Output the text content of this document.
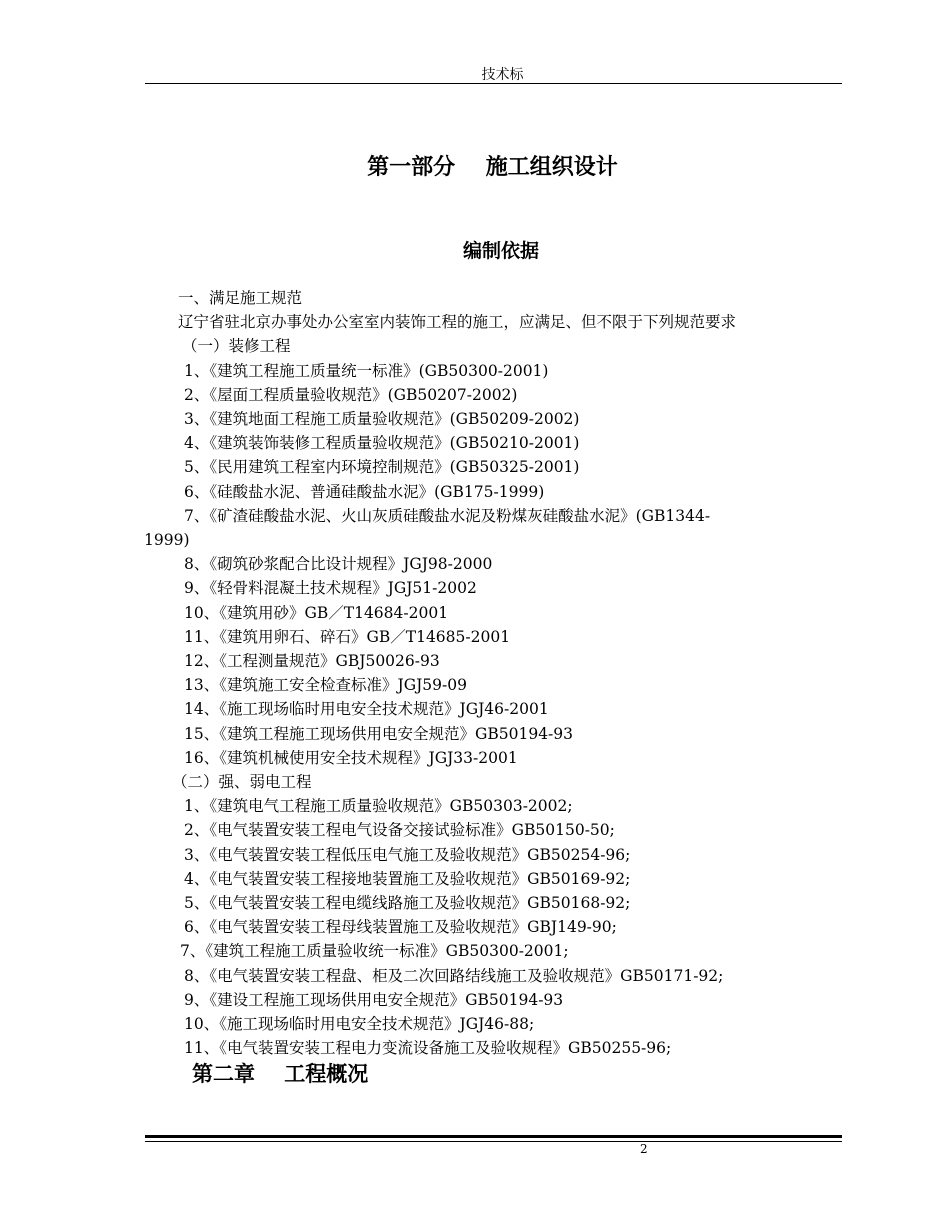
技术标
第一部分    施工组织设计
编制依据
一、满足施工规范
辽宁省驻北京办事处办公室室内装饰工程的施工，应满足、但不限于下列规范要求
（一）装修工程
1、《建筑工程施工质量统一标准》(GB50300-2001)
2、《屋面工程质量验收规范》(GB50207-2002)
3、《建筑地面工程施工质量验收规范》(GB50209-2002)
4、《建筑装饰装修工程质量验收规范》(GB50210-2001)
5、《民用建筑工程室内环境控制规范》(GB50325-2001)
6、《硅酸盐水泥、普通硅酸盐水泥》(GB175-1999)
7、《矿渣硅酸盐水泥、火山灰质硅酸盐水泥及粉煤灰硅酸盐水泥》(GB1344-
1999)
8、《砌筑砂浆配合比设计规程》JGJ98-2000
9、《轻骨料混凝土技术规程》JGJ51-2002
10、《建筑用砂》GB／T14684-2001
11、《建筑用卵石、碎石》GB／T14685-2001
12、《工程测量规范》GBJ50026-93
13、《建筑施工安全检查标准》JGJ59-09
14、《施工现场临时用电安全技术规范》JGJ46-2001
15、《建筑工程施工现场供用电安全规范》GB50194-93
16、《建筑机械使用安全技术规程》JGJ33-2001
（二）强、弱电工程
1、《建筑电气工程施工质量验收规范》GB50303-2002;
2、《电气装置安装工程电气设备交接试验标准》GB50150-50;
3、《电气装置安装工程低压电气施工及验收规范》GB50254-96;
4、《电气装置安装工程接地装置施工及验收规范》GB50169-92;
5、《电气装置安装工程电缆线路施工及验收规范》GB50168-92;
6、《电气装置安装工程母线装置施工及验收规范》GBJ149-90;
7、《建筑工程施工质量验收统一标准》GB50300-2001;
8、《电气装置安装工程盘、柜及二次回路结线施工及验收规范》GB50171-92;
9、《建设工程施工现场供用电安全规范》GB50194-93
10、《施工现场临时用电安全技术规范》JGJ46-88;
11、《电气装置安装工程电力变流设备施工及验收规程》GB50255-96;
第二章    工程概况
2
